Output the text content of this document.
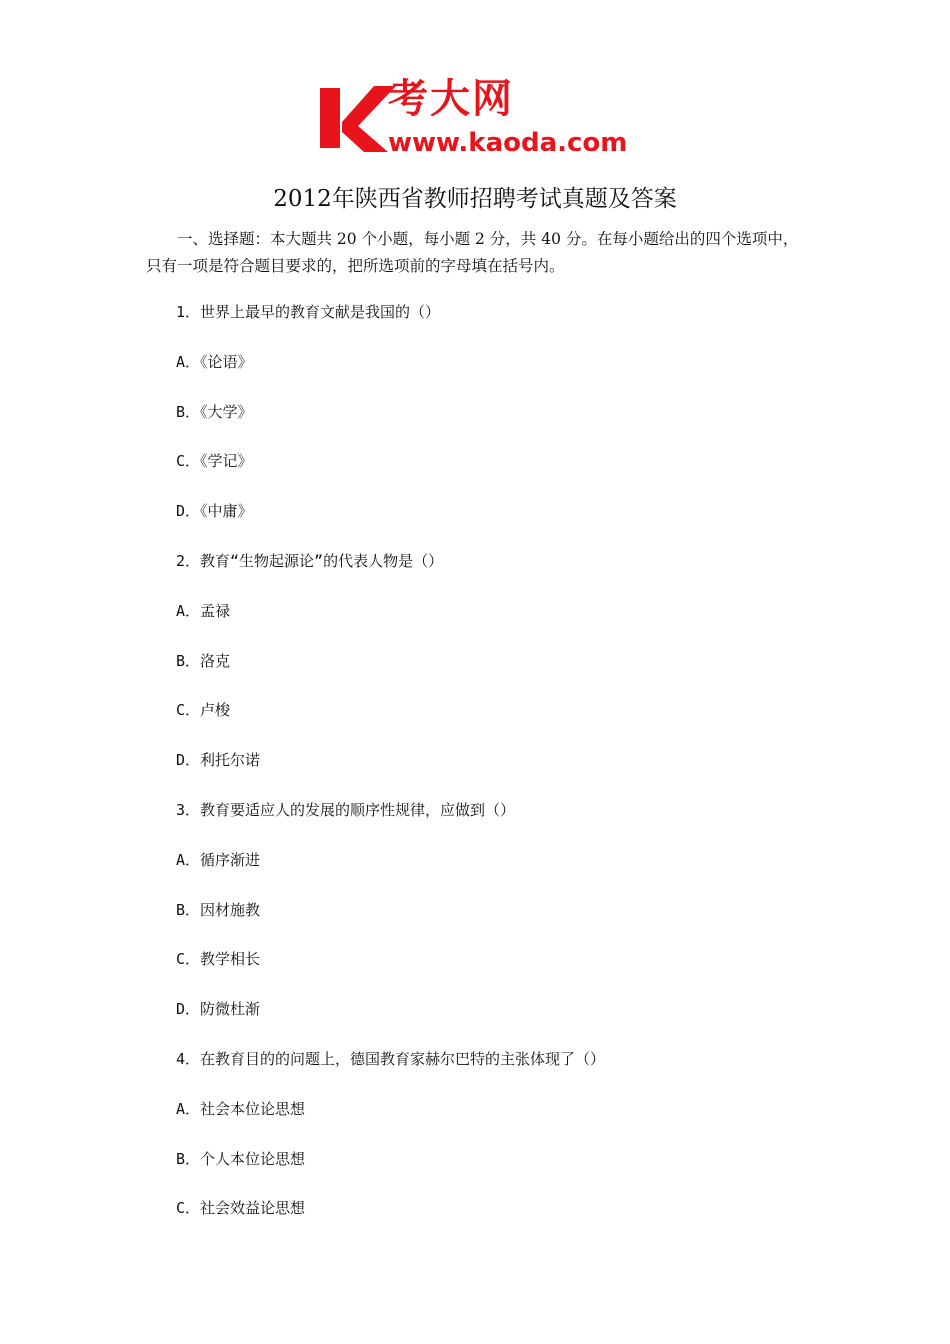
考大网
www.kaoda.com
2012年陕西省教师招聘考试真题及答案
一、选择题：本大题共 20 个小题，每小题 2 分，共 40 分。在每小题给出的四个选项中，只有一项是符合题目要求的，把所选项前的字母填在括号内。
1．世界上最早的教育文献是我国的（）
A．《论语》
B．《大学》
C．《学记》
D．《中庸》
2．教育“生物起源论”的代表人物是（）
A．孟禄
B．洛克
C．卢梭
D．利托尔诺
3．教育要适应人的发展的顺序性规律，应做到（）
A．循序渐进
B．因材施教
C．教学相长
D．防微杜渐
4．在教育目的的问题上，德国教育家赫尔巴特的主张体现了（）
A．社会本位论思想
B．个人本位论思想
C．社会效益论思想
